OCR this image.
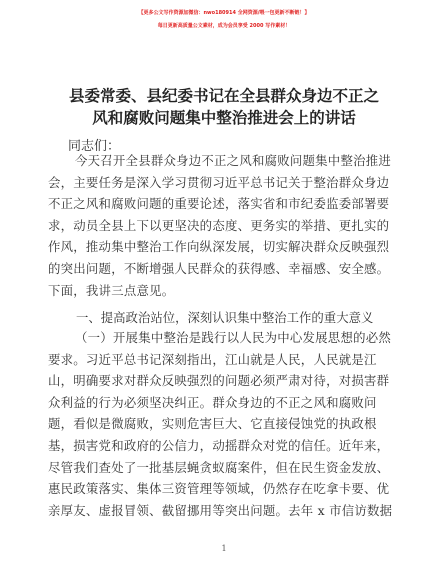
【更多公文写作资源加微信：nwo180914 全网资源/喂一包更新不断链！】
每日更新高质量公文素材，成为会员享受 2000 写作素材！
县委常委、县纪委书记在全县群众身边不正之
风和腐败问题集中整治推进会上的讲话
同志们：
今天召开全县群众身边不正之风和腐败问题集中整治推进
会，主要任务是深入学习贯彻习近平总书记关于整治群众身边
不正之风和腐败问题的重要论述，落实省和市纪委监委部署要
求，动员全县上下以更坚决的态度、更务实的举措、更扎实的
作风，推动集中整治工作向纵深发展，切实解决群众反映强烈
的突出问题，不断增强人民群众的获得感、幸福感、安全感。
下面，我讲三点意见。
一、提高政治站位，深刻认识集中整治工作的重大意义
（一）开展集中整治是践行以人民为中心发展思想的必然
要求。习近平总书记深刻指出，江山就是人民，人民就是江
山，明确要求对群众反映强烈的问题必须严肃对待，对损害群
众利益的行为必须坚决纠正。群众身边的不正之风和腐败问
题，看似是微腐败，实则危害巨大、它直接侵蚀党的执政根
基，损害党和政府的公信力，动摇群众对党的信任。近年来，
尽管我们查处了一批基层蝇贪蚁腐案件，但在民生资金发放、
惠民政策落实、集体三资管理等领域，仍然存在吃拿卡要、优
亲厚友、虚报冒领、截留挪用等突出问题。去年 x 市信访数据
1
